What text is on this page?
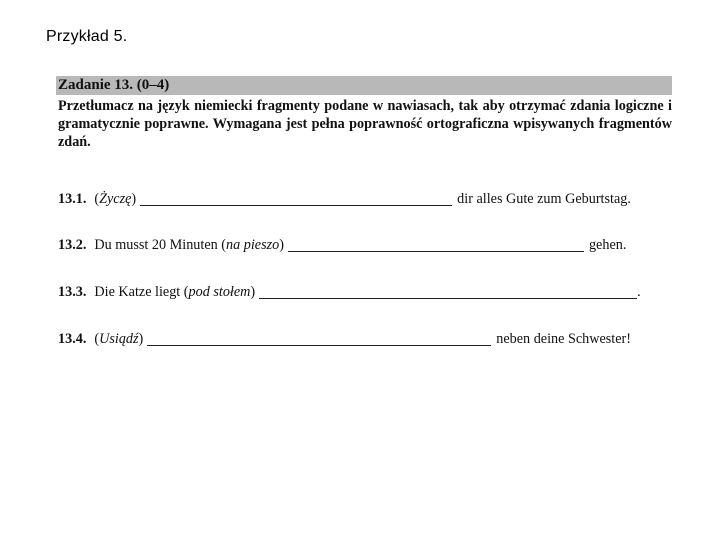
Przykład 5.
Zadanie 13. (0–4)
Przetłumacz na język niemiecki fragmenty podane w nawiasach, tak aby otrzymać zdania logiczne i gramatycznie poprawne. Wymagana jest pełna poprawność ortograficzna wpisywanych fragmentów zdań.
13.1. (Życzę)	dir alles Gute zum Geburtstag.
13.2. Du musst 20 Minuten (na pieszo)	gehen.
13.3. Die Katze liegt (pod stołem)	.
13.4. (Usiądź)	neben deine Schwester!
